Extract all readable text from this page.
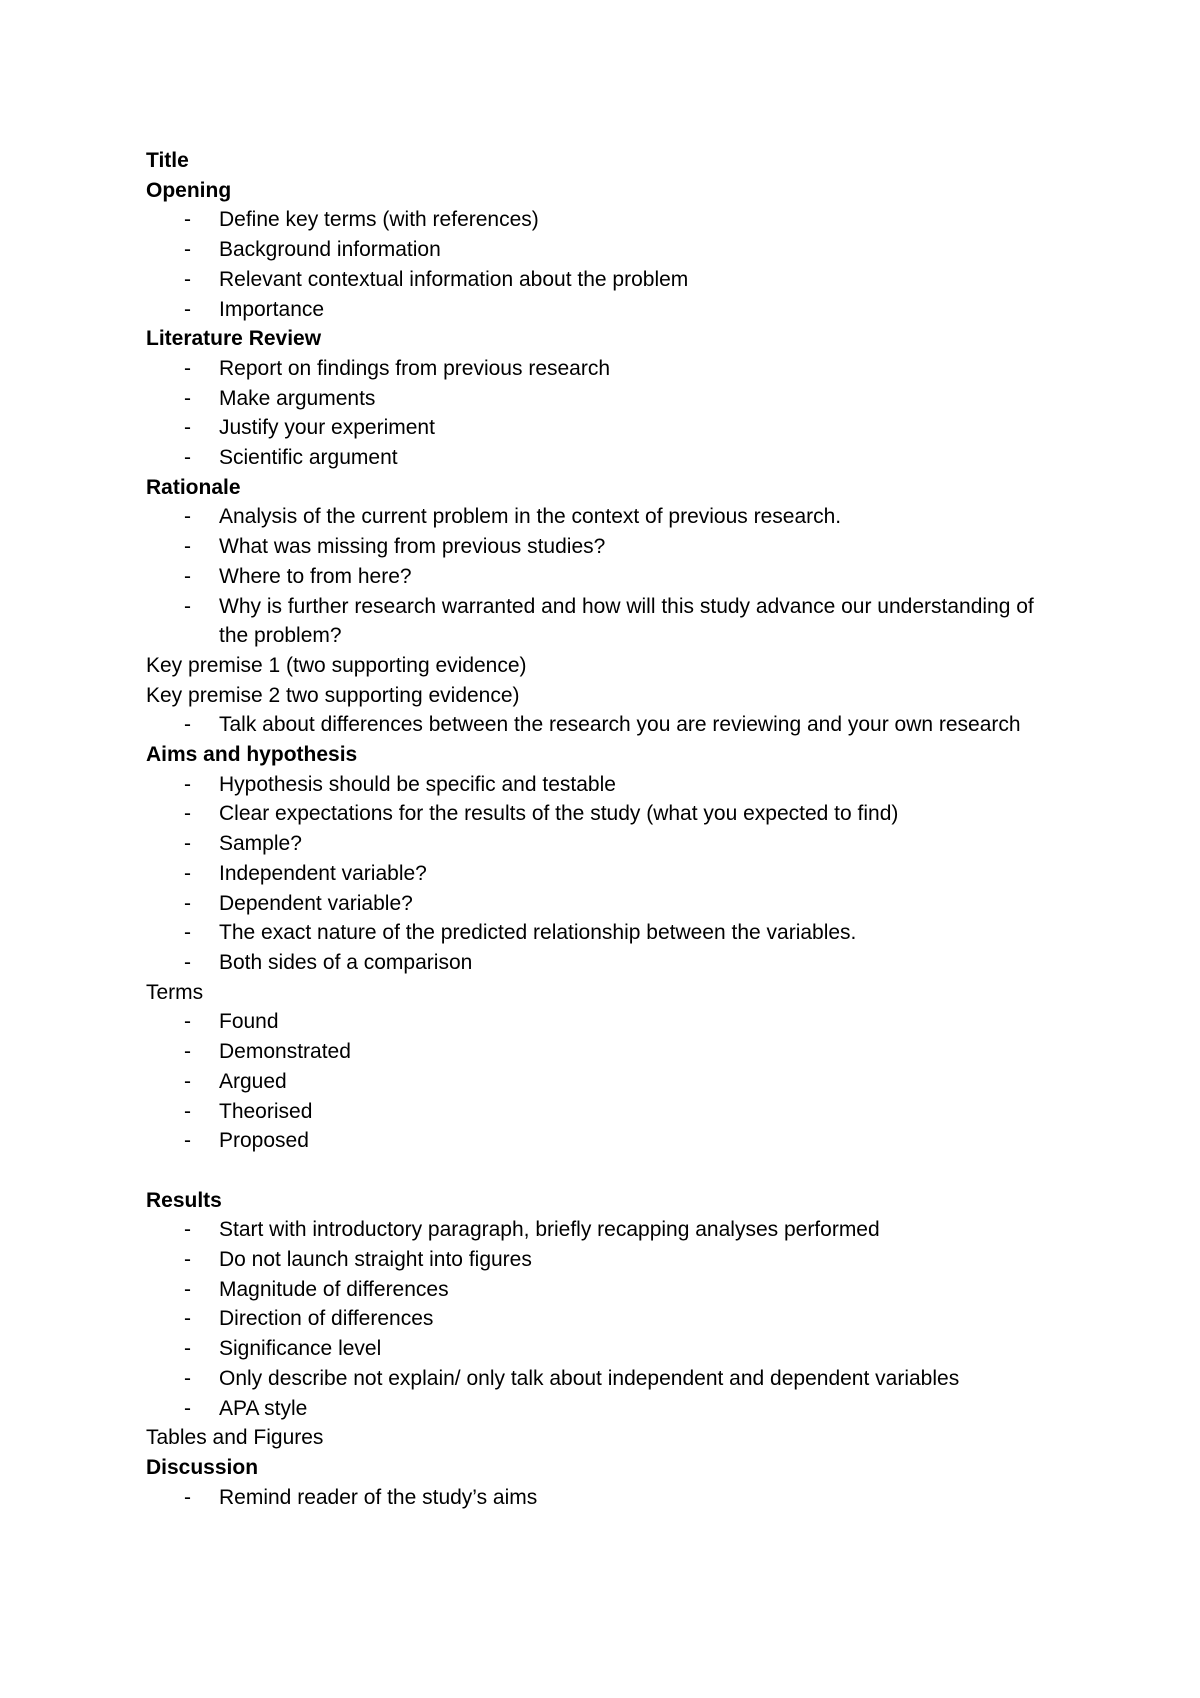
Title

Opening

- Define key terms (with references)

- Background information

- Relevant contextual information about the problem

- Importance

Literature Review

- Report on findings from previous research

- Make arguments

- Justify your experiment

- Scientific argument

Rationale

- Analysis of the current problem in the context of previous research.

- What was missing from previous studies?

- Where to from here?

- Why is further research warranted and how will this study advance our understanding of the problem?

Key premise 1 (two supporting evidence)

Key premise 2 two supporting evidence)

- Talk about differences between the research you are reviewing and your own research

Aims and hypothesis

- Hypothesis should be specific and testable

- Clear expectations for the results of the study (what you expected to find)

- Sample?

- Independent variable?

- Dependent variable?

- The exact nature of the predicted relationship between the variables.

- Both sides of a comparison

Terms

- Found

- Demonstrated

- Argued

- Theorised

- Proposed

Results

- Start with introductory paragraph, briefly recapping analyses performed

- Do not launch straight into figures

- Magnitude of differences

- Direction of differences

- Significance level

- Only describe not explain/ only talk about independent and dependent variables

- APA style

Tables and Figures

Discussion

- Remind reader of the study’s aims
